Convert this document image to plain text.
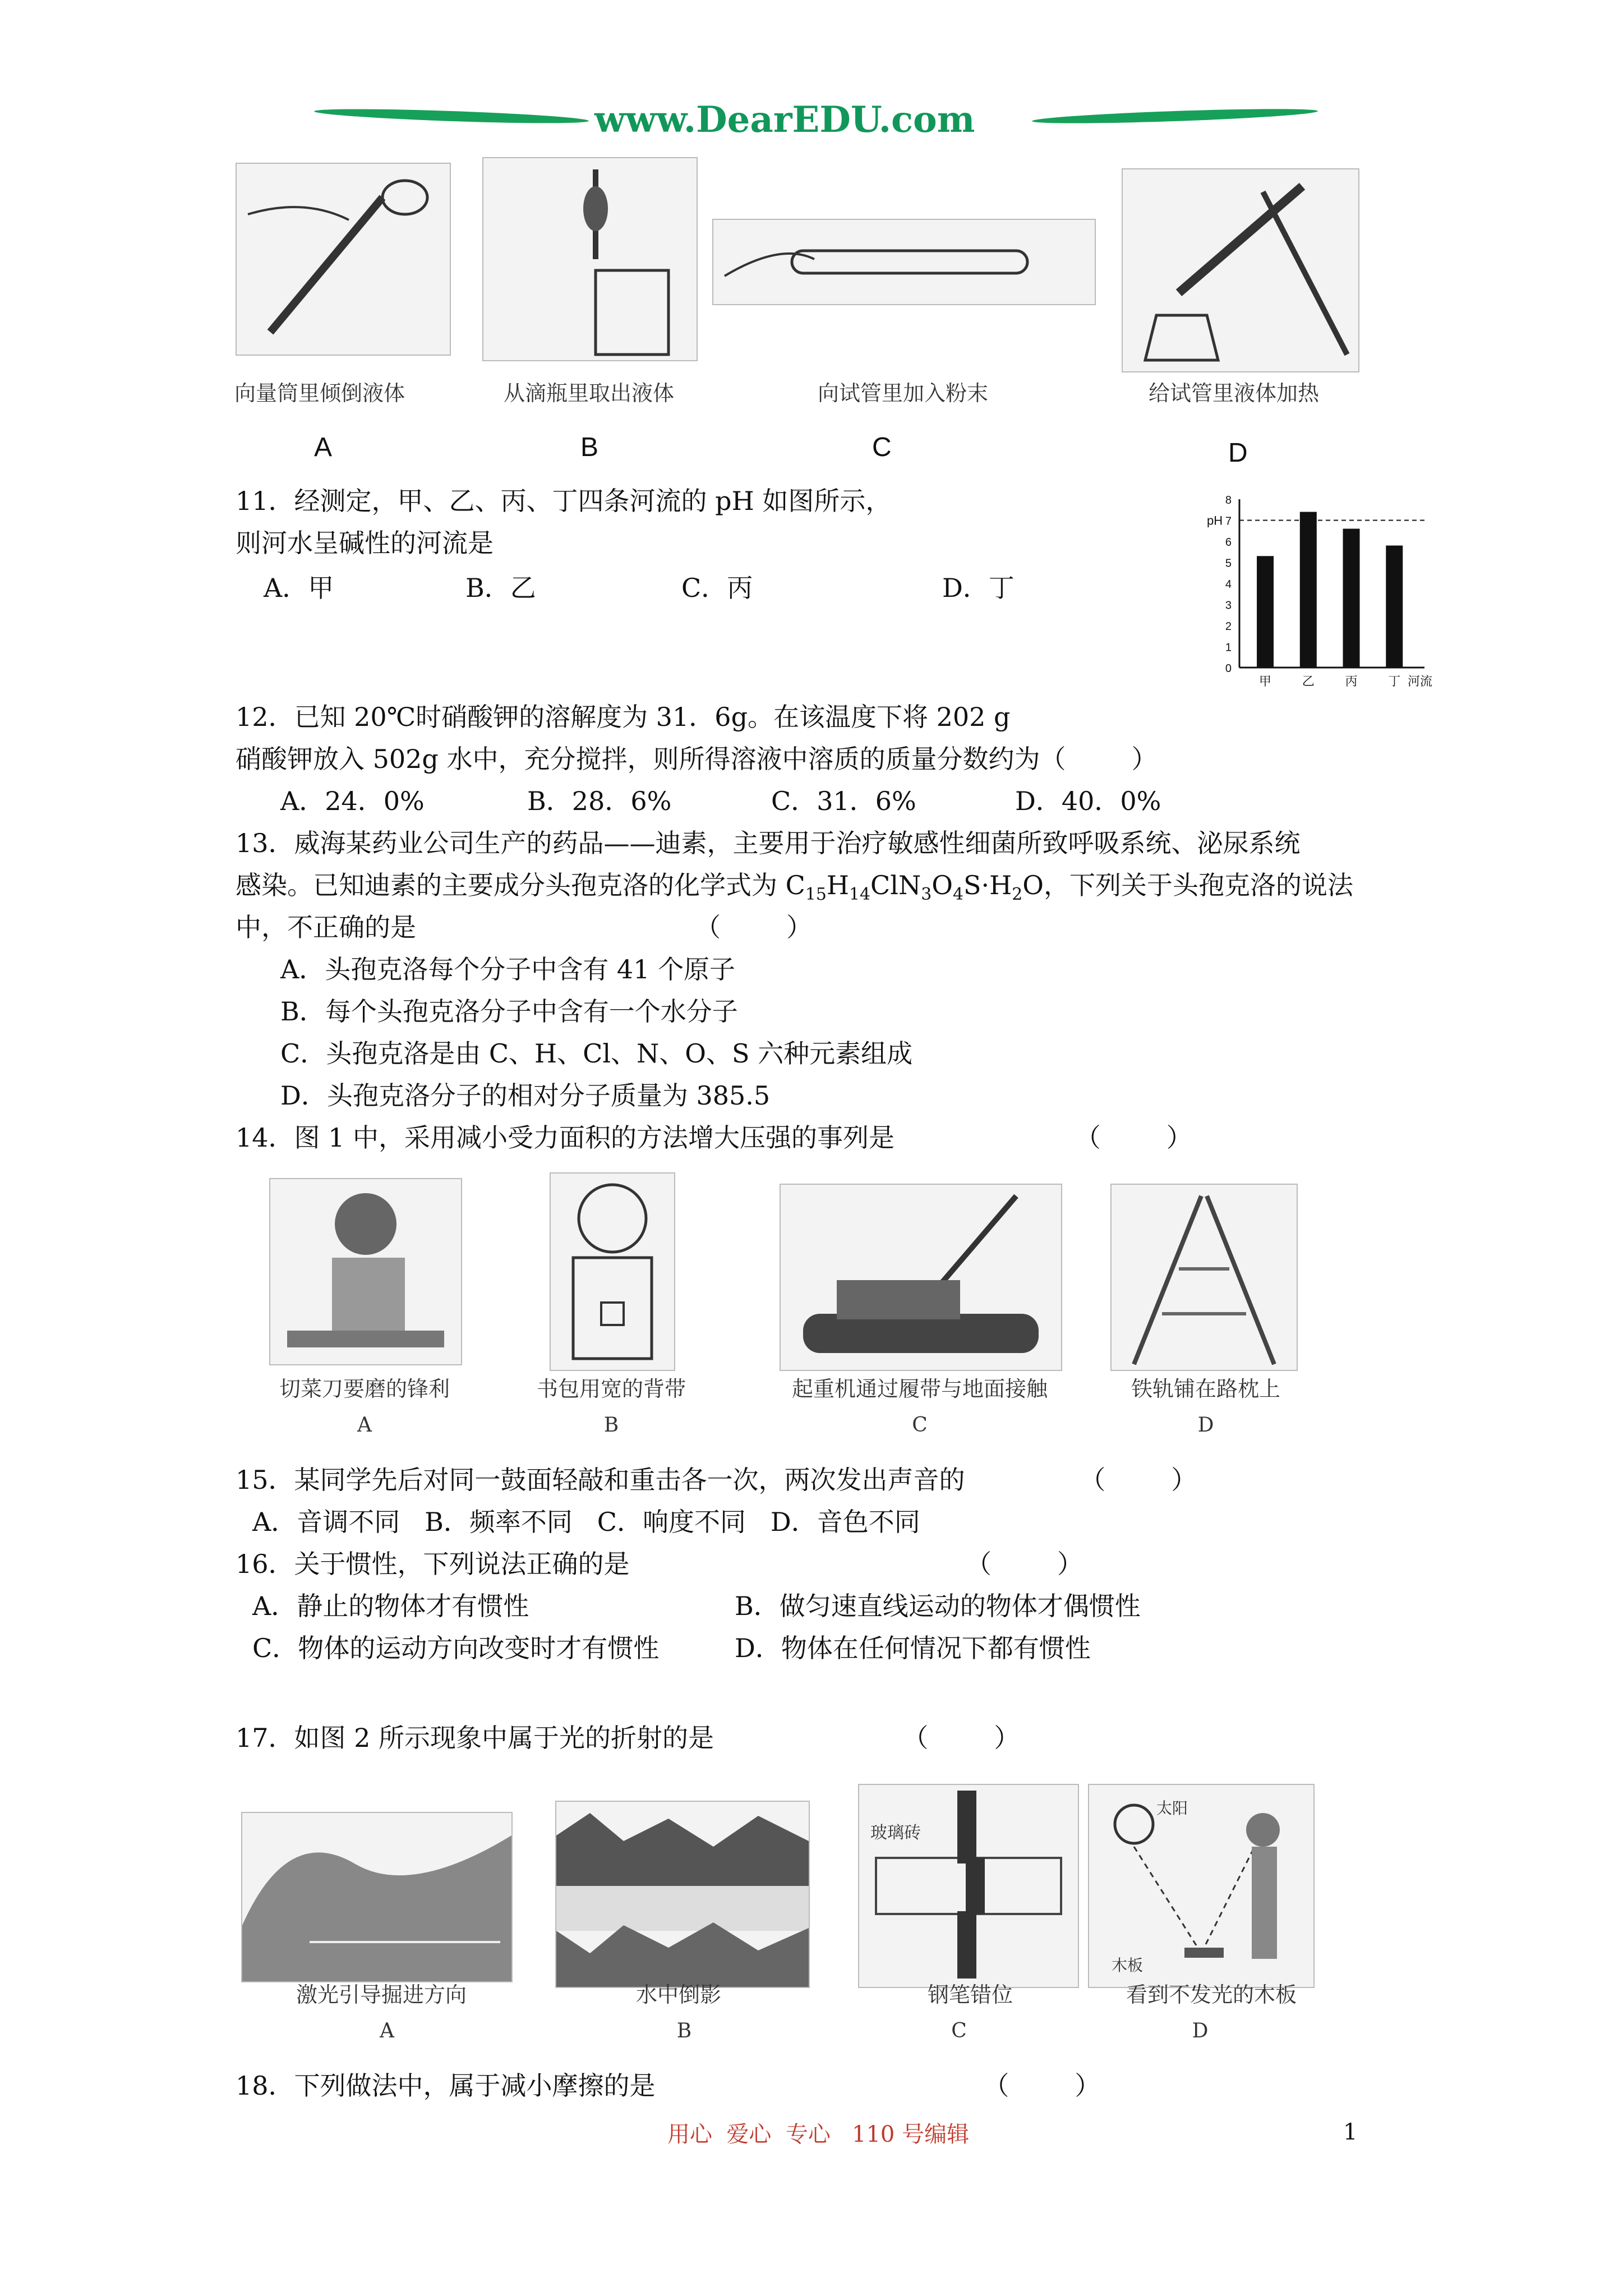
www.DearEDU.com
向量筒里倾倒液体	从滴瓶里取出液体	向试管里加入粉末	给试管里液体加热
A	B	C	D
11．经测定，甲、乙、丙、丁四条河流的 pH 如图所示，
则河水呈碱性的河流是
A．甲	B．乙	C．丙	D．丁
0
1
2
3
4
5
6
7
8
pH
甲 乙 丙 丁 河流
12．已知 20℃时硝酸钾的溶解度为 31．6g。在该温度下将 202 g
硝酸钾放入 502g 水中，充分搅拌，则所得溶液中溶质的质量分数约为（        ）
A．24．0%	B．28．6%	C．31．6%	D．40．0%
13．威海某药业公司生产的药品——迪素，主要用于治疗敏感性细菌所致呼吸系统、泌尿系统
感染。已知迪素的主要成分头孢克洛的化学式为 $C_{15}H_{14}ClN_3O_4S\cdot H_2O$，下列关于头孢克洛的说法
中，不正确的是                                  （        ）
A．头孢克洛每个分子中含有 41 个原子
B．每个头孢克洛分子中含有一个水分子
C．头孢克洛是由 C、H、Cl、N、O、S 六种元素组成
D．头孢克洛分子的相对分子质量为 385.5
14．图 1 中，采用减小受力面积的方法增大压强的事列是                      （        ）
切菜刀要磨的锋利	书包用宽的背带	起重机通过履带与地面接触	铁轨铺在路枕上
A	B	C	D
15．某同学先后对同一鼓面轻敲和重击各一次，两次发出声音的              （        ）
A．音调不同   B．频率不同   C．响度不同   D．音色不同
16．关于惯性，下列说法正确的是                                         （        ）
A．静止的物体才有惯性	B．做匀速直线运动的物体才偶惯性
C．物体的运动方向改变时才有惯性	D．物体在任何情况下都有惯性
17．如图 2 所示现象中属于光的折射的是                       （        ）
玻璃砖
太阳
木板
激光引导掘进方向	水中倒影	钢笔错位	看到不发光的木板
A	B	C	D
18．下列做法中，属于减小摩擦的是                                        （        ）
用心  爱心  专心   110 号编辑	1
